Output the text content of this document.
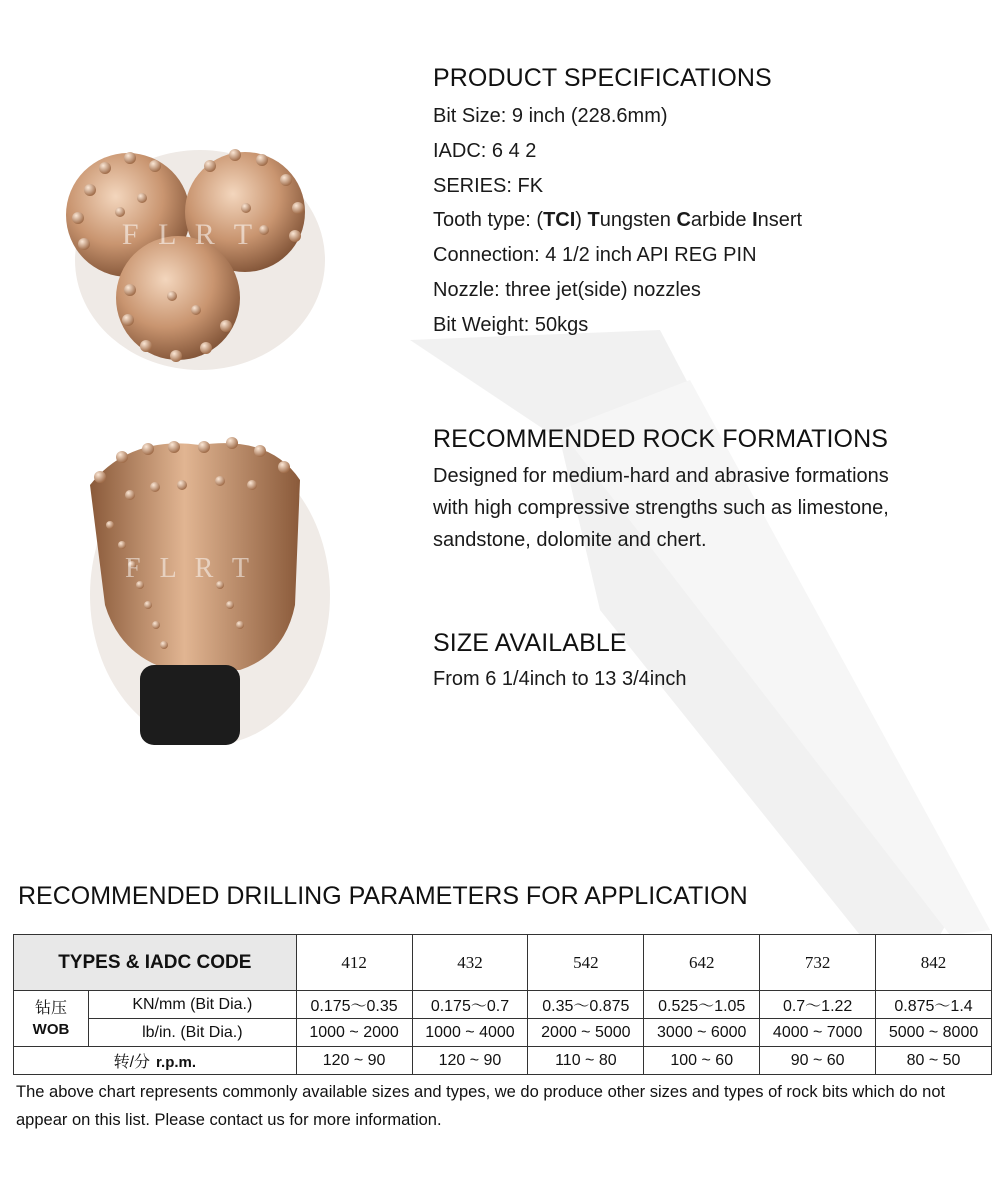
F L R T
F L R T
PRODUCT SPECIFICATIONS
Bit Size: 9 inch (228.6mm)
IADC: 6 4 2
SERIES: FK
Tooth type: (TCI) Tungsten Carbide Insert
Connection: 4 1/2 inch API REG PIN
Nozzle: three jet(side) nozzles
Bit Weight: 50kgs
RECOMMENDED ROCK FORMATIONS
Designed for medium-hard and abrasive formations
with high compressive strengths such as limestone,
sandstone, dolomite and chert.
SIZE AVAILABLE
From 6 1/4inch to 13 3/4inch
RECOMMENDED DRILLING PARAMETERS FOR APPLICATION
TYPES & IADC CODE		412	432	542	642	732	842
钻压
WOB	KN/mm (Bit Dia.)	0.175～0.35	0.175～0.7	0.35～0.875	0.525～1.05	0.7～1.22	0.875～1.4
	lb/in. (Bit Dia.)	1000 ~ 2000	1000 ~ 4000	2000 ~ 5000	3000 ~ 6000	4000 ~ 7000	5000 ~ 8000
转/分 r.p.m.		120 ~ 90	120 ~ 90	110 ~ 80	100 ~ 60	90 ~ 60	80 ~ 50
The above chart represents commonly available sizes and types, we do produce other sizes and types of rock bits which do not
appear on this list. Please contact us for more information.
